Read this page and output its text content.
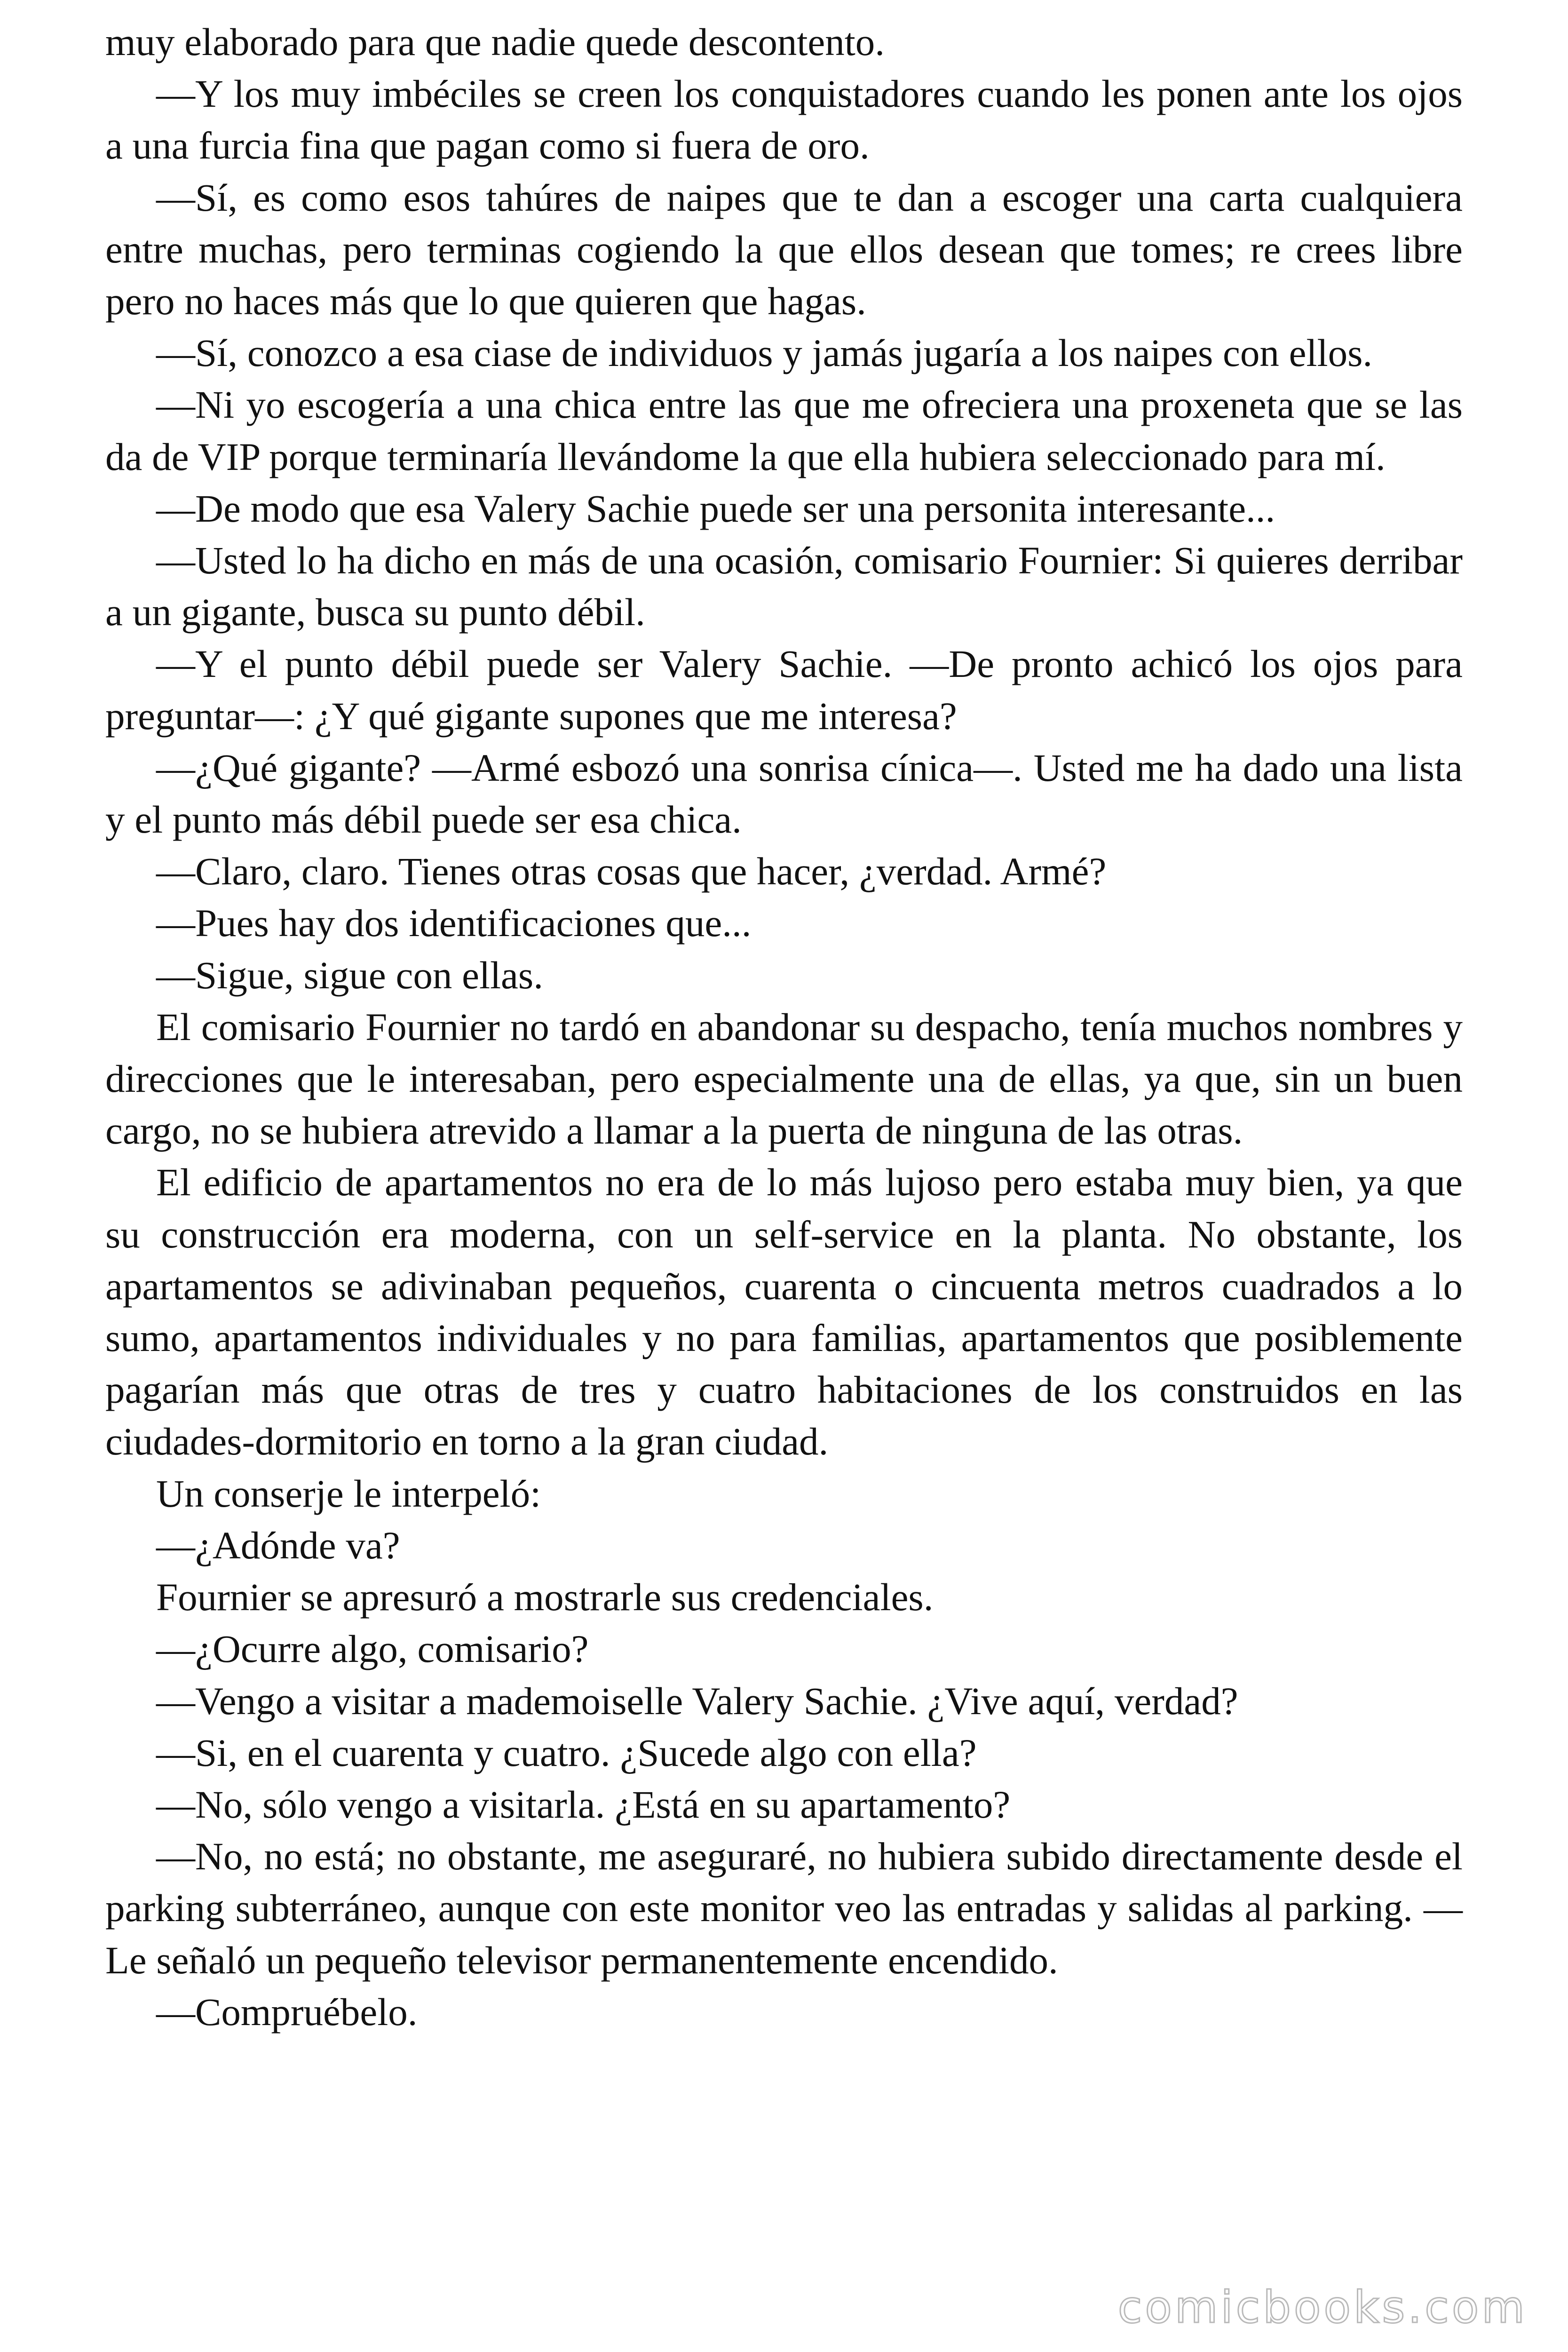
muy elaborado para que nadie quede descontento.

—Y los muy imbéciles se creen los conquistadores cuando les ponen ante los ojos a una furcia fina que pagan como si fuera de oro.

—Sí, es como esos tahúres de naipes que te dan a escoger una carta cualquiera entre muchas, pero terminas cogiendo la que ellos desean que tomes; re crees libre pero no haces más que lo que quieren que hagas.

—Sí, conozco a esa ciase de individuos y jamás jugaría a los naipes con ellos.

—Ni yo escogería a una chica entre las que me ofreciera una proxeneta que se las da de VIP porque terminaría llevándome la que ella hubiera seleccionado para mí.

—De modo que esa Valery Sachie puede ser una personita interesante...

—Usted lo ha dicho en más de una ocasión, comisario Fournier: Si quieres derribar a un gigante, busca su punto débil.

—Y el punto débil puede ser Valery Sachie. —De pronto achicó los ojos para preguntar—: ¿Y qué gigante supones que me interesa?

—¿Qué gigante? —Armé esbozó una sonrisa cínica—. Usted me ha dado una lista y el punto más débil puede ser esa chica.

—Claro, claro. Tienes otras cosas que hacer, ¿verdad. Armé?

—Pues hay dos identificaciones que...

—Sigue, sigue con ellas.

El comisario Fournier no tardó en abandonar su despacho, tenía muchos nombres y direcciones que le interesaban, pero especialmente una de ellas, ya que, sin un buen cargo, no se hubiera atrevido a llamar a la puerta de ninguna de las otras.

El edificio de apartamentos no era de lo más lujoso pero estaba muy bien, ya que su construcción era moderna, con un self-service en la planta. No obstante, los apartamentos se adivinaban pequeños, cuarenta o cincuenta metros cuadrados a lo sumo, apartamentos individuales y no para familias, apartamentos que posiblemente pagarían más que otras de tres y cuatro habitaciones de los construidos en las ciudades-dormitorio en torno a la gran ciudad.

Un conserje le interpeló:

—¿Adónde va?

Fournier se apresuró a mostrarle sus credenciales.

—¿Ocurre algo, comisario?

—Vengo a visitar a mademoiselle Valery Sachie. ¿Vive aquí, verdad?

—Si, en el cuarenta y cuatro. ¿Sucede algo con ella?

—No, sólo vengo a visitarla. ¿Está en su apartamento?

—No, no está; no obstante, me aseguraré, no hubiera subido directamente desde el parking subterráneo, aunque con este monitor veo las entradas y salidas al parking. —Le señaló un pequeño televisor permanentemente encendido.

—Compruébelo.

comicbooks.com
